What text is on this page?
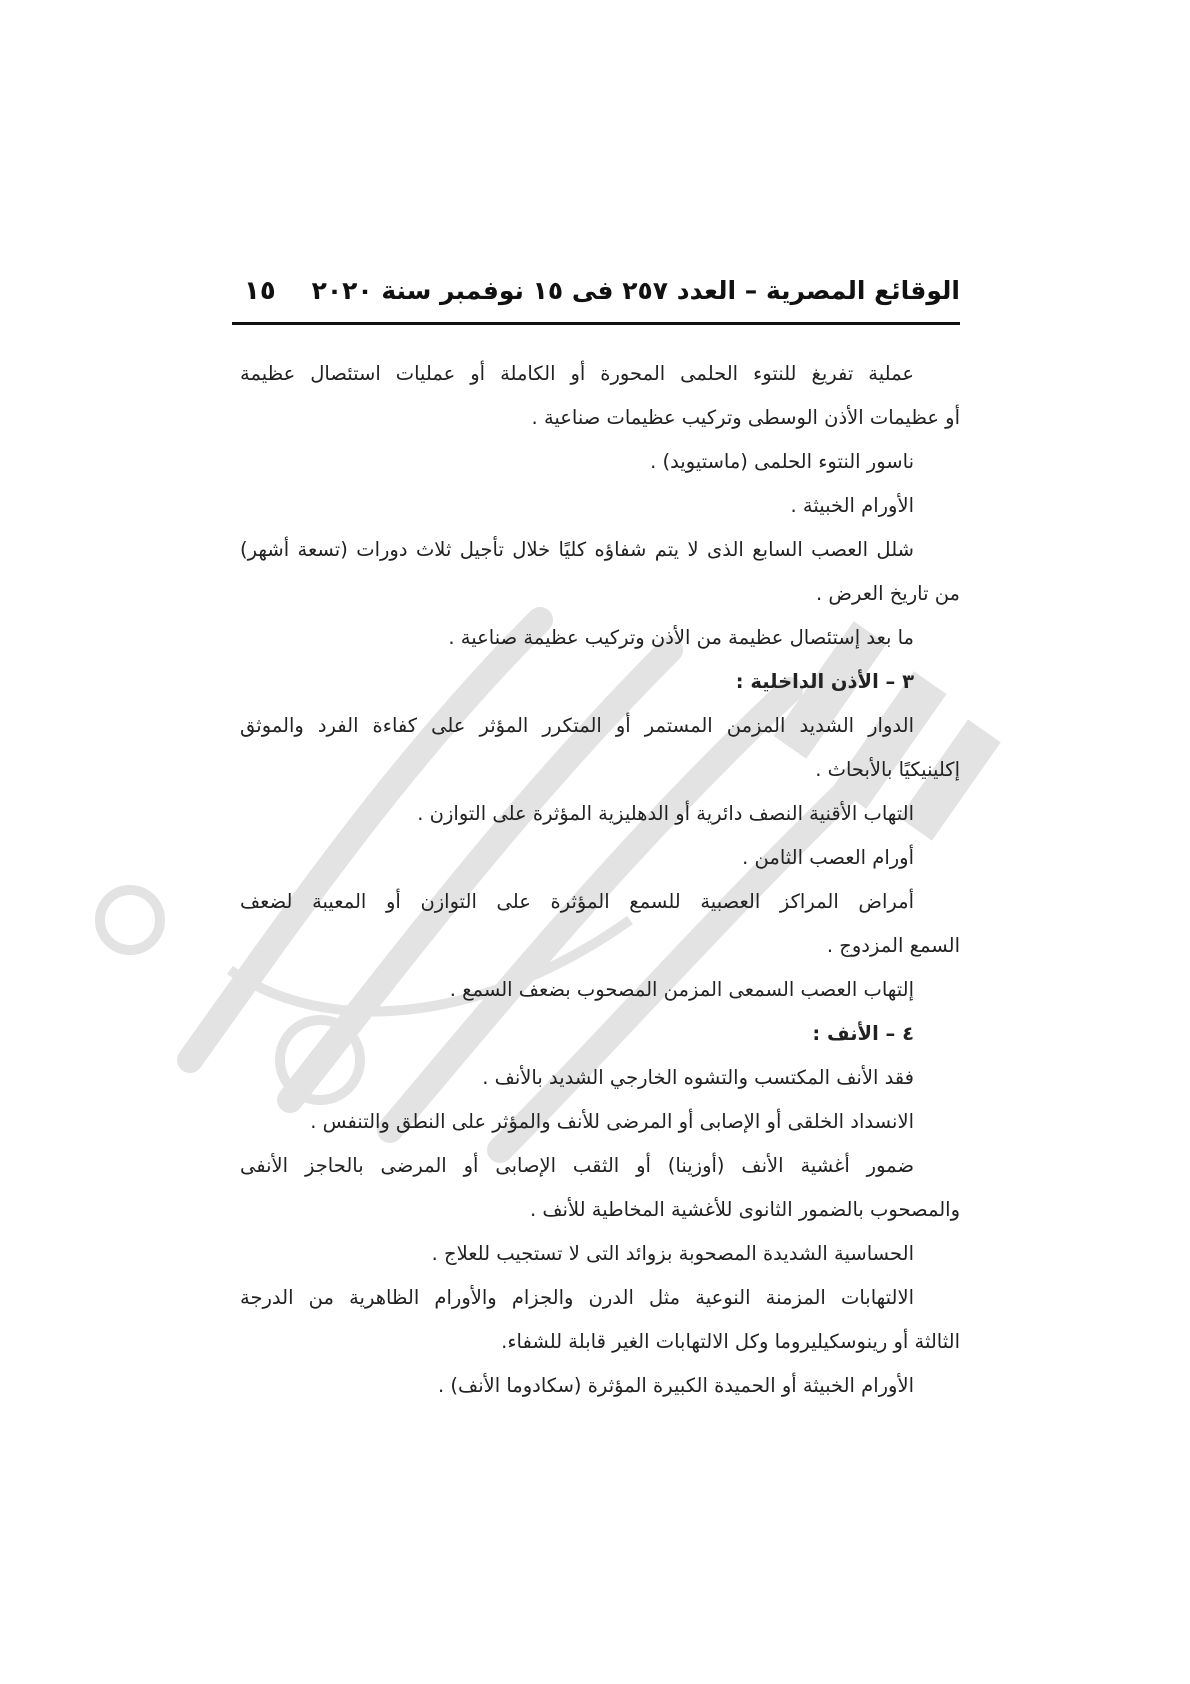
١٥ الوقائع المصرية – العدد ٢٥٧ فى ١٥ نوفمبر سنة ٢٠٢٠
عملية تفريغ للنتوء الحلمى المحورة أو الكاملة أو عمليات استئصال عظيمة
أو عظيمات الأذن الوسطى وتركيب عظيمات صناعية .
ناسور النتوء الحلمى (ماستيويد) .
الأورام الخبيثة .
شلل العصب السابع الذى لا يتم شفاؤه كليًا خلال تأجيل ثلاث دورات (تسعة أشهر)
من تاريخ العرض .
ما بعد إستئصال عظيمة من الأذن وتركيب عظيمة صناعية .
٣ – الأذن الداخلية :
الدوار الشديد المزمن المستمر أو المتكرر المؤثر على كفاءة الفرد والموثق
إكلينيكيًا بالأبحاث .
التهاب الأقنية النصف دائرية أو الدهليزية المؤثرة على التوازن .
أورام العصب الثامن .
أمراض المراكز العصبية للسمع المؤثرة على التوازن أو المعيبة لضعف
السمع المزدوج .
إلتهاب العصب السمعى المزمن المصحوب بضعف السمع .
٤ – الأنف :
فقد الأنف المكتسب والتشوه الخارجي الشديد بالأنف .
الانسداد الخلقى أو الإصابى أو المرضى للأنف والمؤثر على النطق والتنفس .
ضمور أغشية الأنف (أوزينا) أو الثقب الإصابى أو المرضى بالحاجز الأنفى
والمصحوب بالضمور الثانوى للأغشية المخاطية للأنف .
الحساسية الشديدة المصحوبة بزوائد التى لا تستجيب للعلاج .
الالتهابات المزمنة النوعية مثل الدرن والجزام والأورام الظاهرية من الدرجة
الثالثة أو رينوسكيليروما وكل الالتهابات الغير قابلة للشفاء.
الأورام الخبيثة أو الحميدة الكبيرة المؤثرة (سكادوما الأنف) .
